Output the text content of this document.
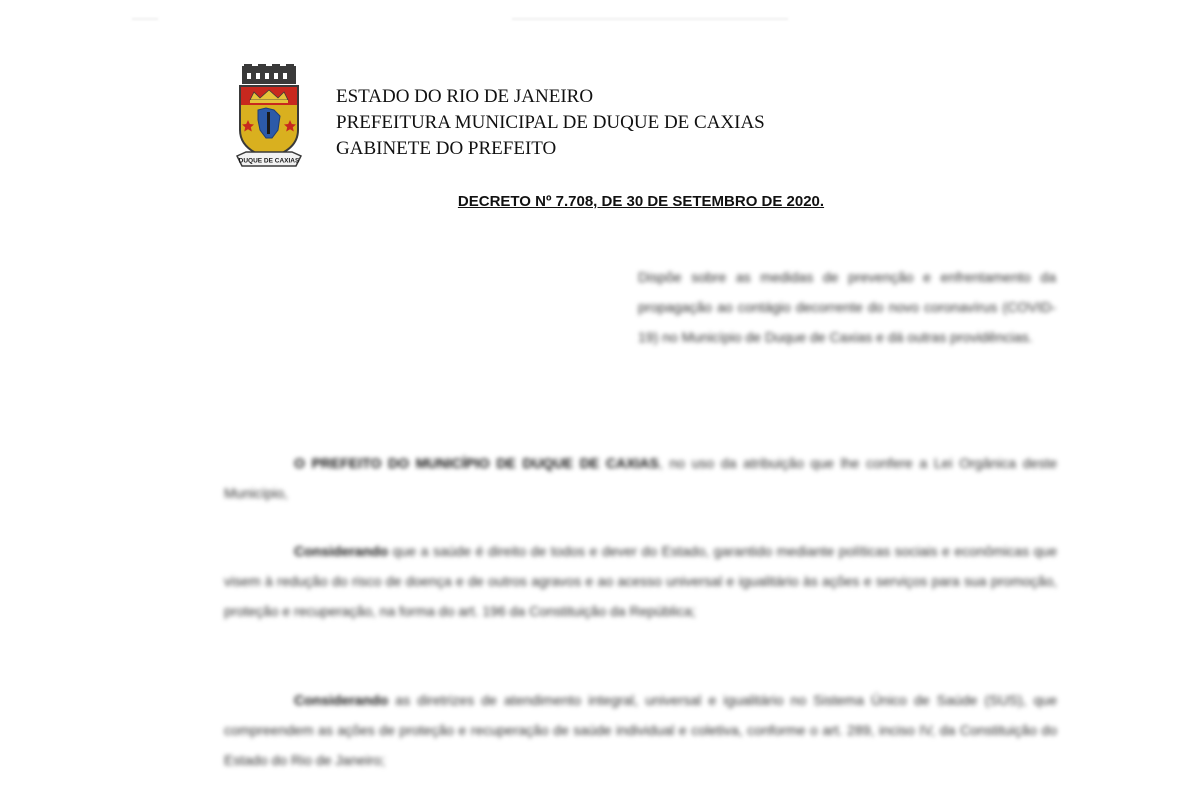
DUQUE DE CAXIAS
ESTADO DO RIO DE JANEIRO
PREFEITURA MUNICIPAL DE DUQUE DE CAXIAS
GABINETE DO PREFEITO
DECRETO Nº 7.708, DE 30 DE SETEMBRO DE 2020.
Dispõe sobre as medidas de prevenção e enfrentamento da propagação ao contágio decorrente do novo coronavírus (COVID-19) no Município de Duque de Caxias e dá outras providências.
O PREFEITO DO MUNICÍPIO DE DUQUE DE CAXIAS, no uso da atribuição que lhe confere a Lei Orgânica deste Município,
Considerando que a saúde é direito de todos e dever do Estado, garantido mediante políticas sociais e econômicas que visem à redução do risco de doença e de outros agravos e ao acesso universal e igualitário às ações e serviços para sua promoção, proteção e recuperação, na forma do art. 196 da Constituição da República;
Considerando as diretrizes de atendimento integral, universal e igualitário no Sistema Único de Saúde (SUS), que compreendem as ações de proteção e recuperação de saúde individual e coletiva, conforme o art. 289, inciso IV, da Constituição do Estado do Rio de Janeiro;
